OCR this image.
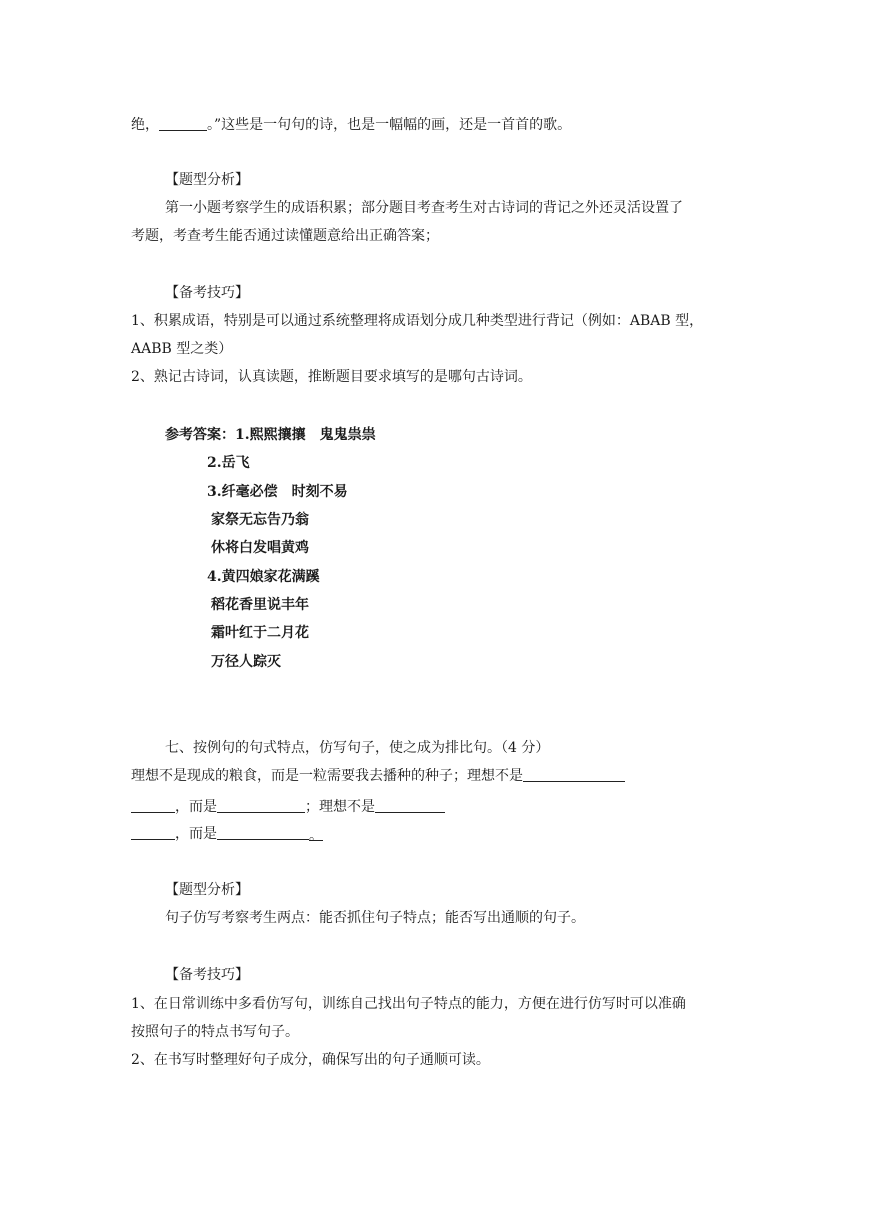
绝，	。”这些是一句句的诗，也是一幅幅的画，还是一首首的歌。
【题型分析】
第一小题考察学生的成语积累；部分题目考查考生对古诗词的背记之外还灵活设置了
考题，考查考生能否通过读懂题意给出正确答案；
【备考技巧】
1、积累成语，特别是可以通过系统整理将成语划分成几种类型进行背记（例如：ABAB 型，
AABB 型之类）
2、熟记古诗词，认真读题，推断题目要求填写的是哪句古诗词。
参考答案：1.熙熙攘攘　鬼鬼祟祟
2.岳飞
3.纤毫必偿　时刻不易
家祭无忘告乃翁
休将白发唱黄鸡
4.黄四娘家花满蹊
稻花香里说丰年
霜叶红于二月花
万径人踪灭
七、按例句的句式特点，仿写句子，使之成为排比句。（4 分）
理想不是现成的粮食，而是一粒需要我去播种的种子；理想不是
，而是	；理想不是
，而是	。
【题型分析】
句子仿写考察考生两点：能否抓住句子特点；能否写出通顺的句子。
【备考技巧】
1、在日常训练中多看仿写句，训练自己找出句子特点的能力，方便在进行仿写时可以准确
按照句子的特点书写句子。
2、在书写时整理好句子成分，确保写出的句子通顺可读。
